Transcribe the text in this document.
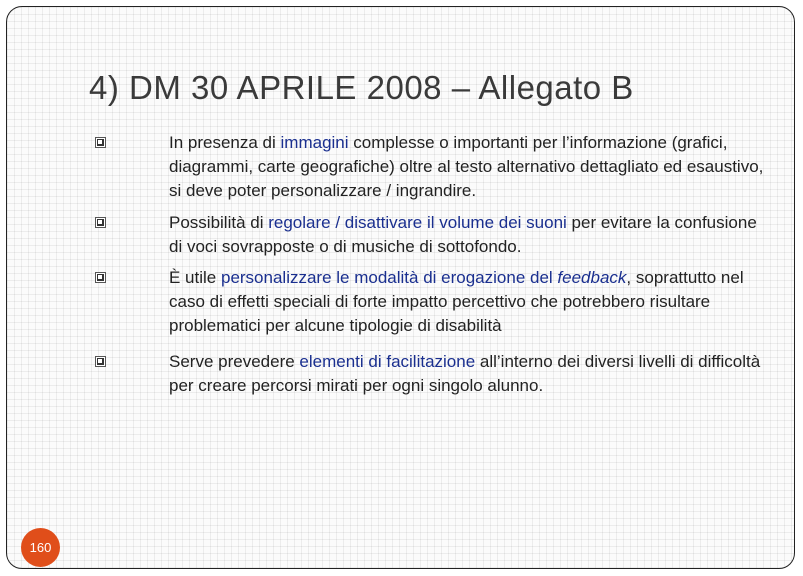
4) DM 30 APRILE 2008 – Allegato B

In presenza di immagini complesse o importanti per l’informazione (grafici, diagrammi, carte geografiche) oltre al testo alternativo dettagliato ed esaustivo, si deve poter personalizzare / ingrandire.

Possibilità di regolare / disattivare il volume dei suoni per evitare la confusione di voci sovrapposte o di musiche di sottofondo.

È utile personalizzare le modalità di erogazione del feedback, soprattutto nel caso di effetti speciali di forte impatto percettivo che potrebbero risultare problematici per alcune tipologie di disabilità

Serve prevedere elementi di facilitazione all’interno dei diversi livelli di difficoltà per creare percorsi mirati per ogni singolo alunno.

160
